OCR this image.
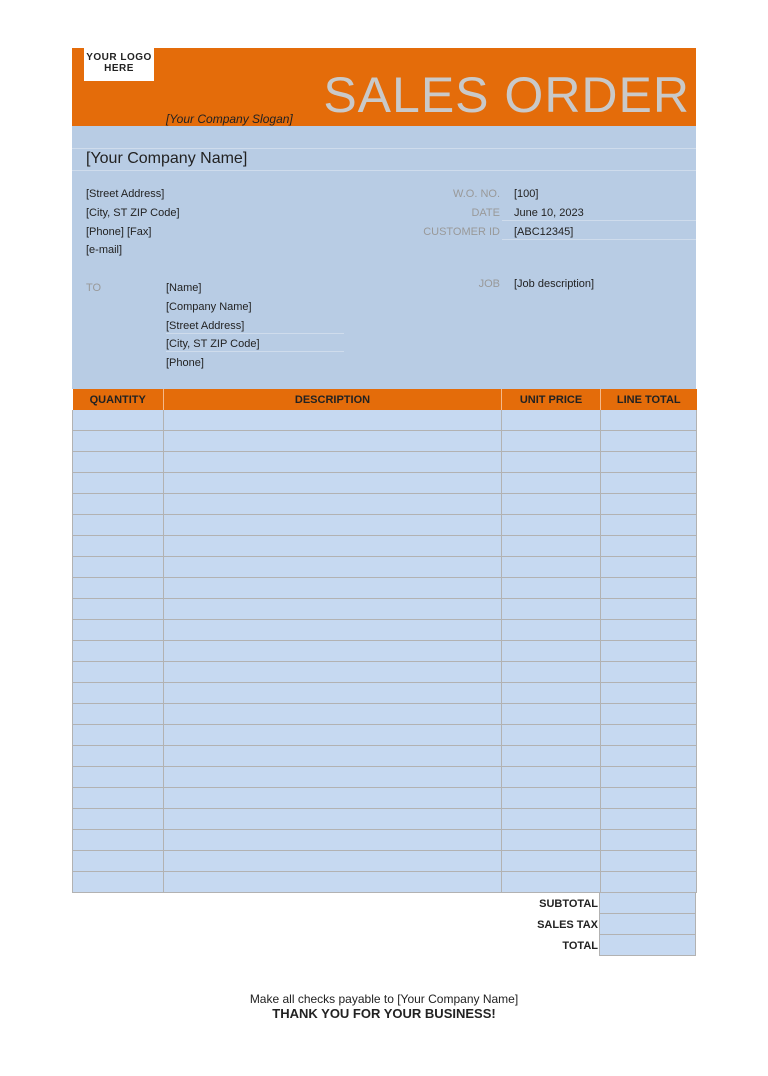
YOUR LOGO HERE
[Your Company Slogan] SALES ORDER
[Your Company Name]
[Street Address]
[City, ST ZIP Code]
[Phone] [Fax]
[e-mail]
W.O. NO. [100]
DATE June 10, 2023
CUSTOMER ID [ABC12345]
TO	[Name]
[Company Name]
[Street Address]
[City, ST ZIP Code]
[Phone]
JOB [Job description]
QUANTITY	DESCRIPTION	UNIT PRICE	LINE TOTAL

SUBTOTAL
SALES TAX
TOTAL
Make all checks payable to [Your Company Name]
THANK YOU FOR YOUR BUSINESS!
